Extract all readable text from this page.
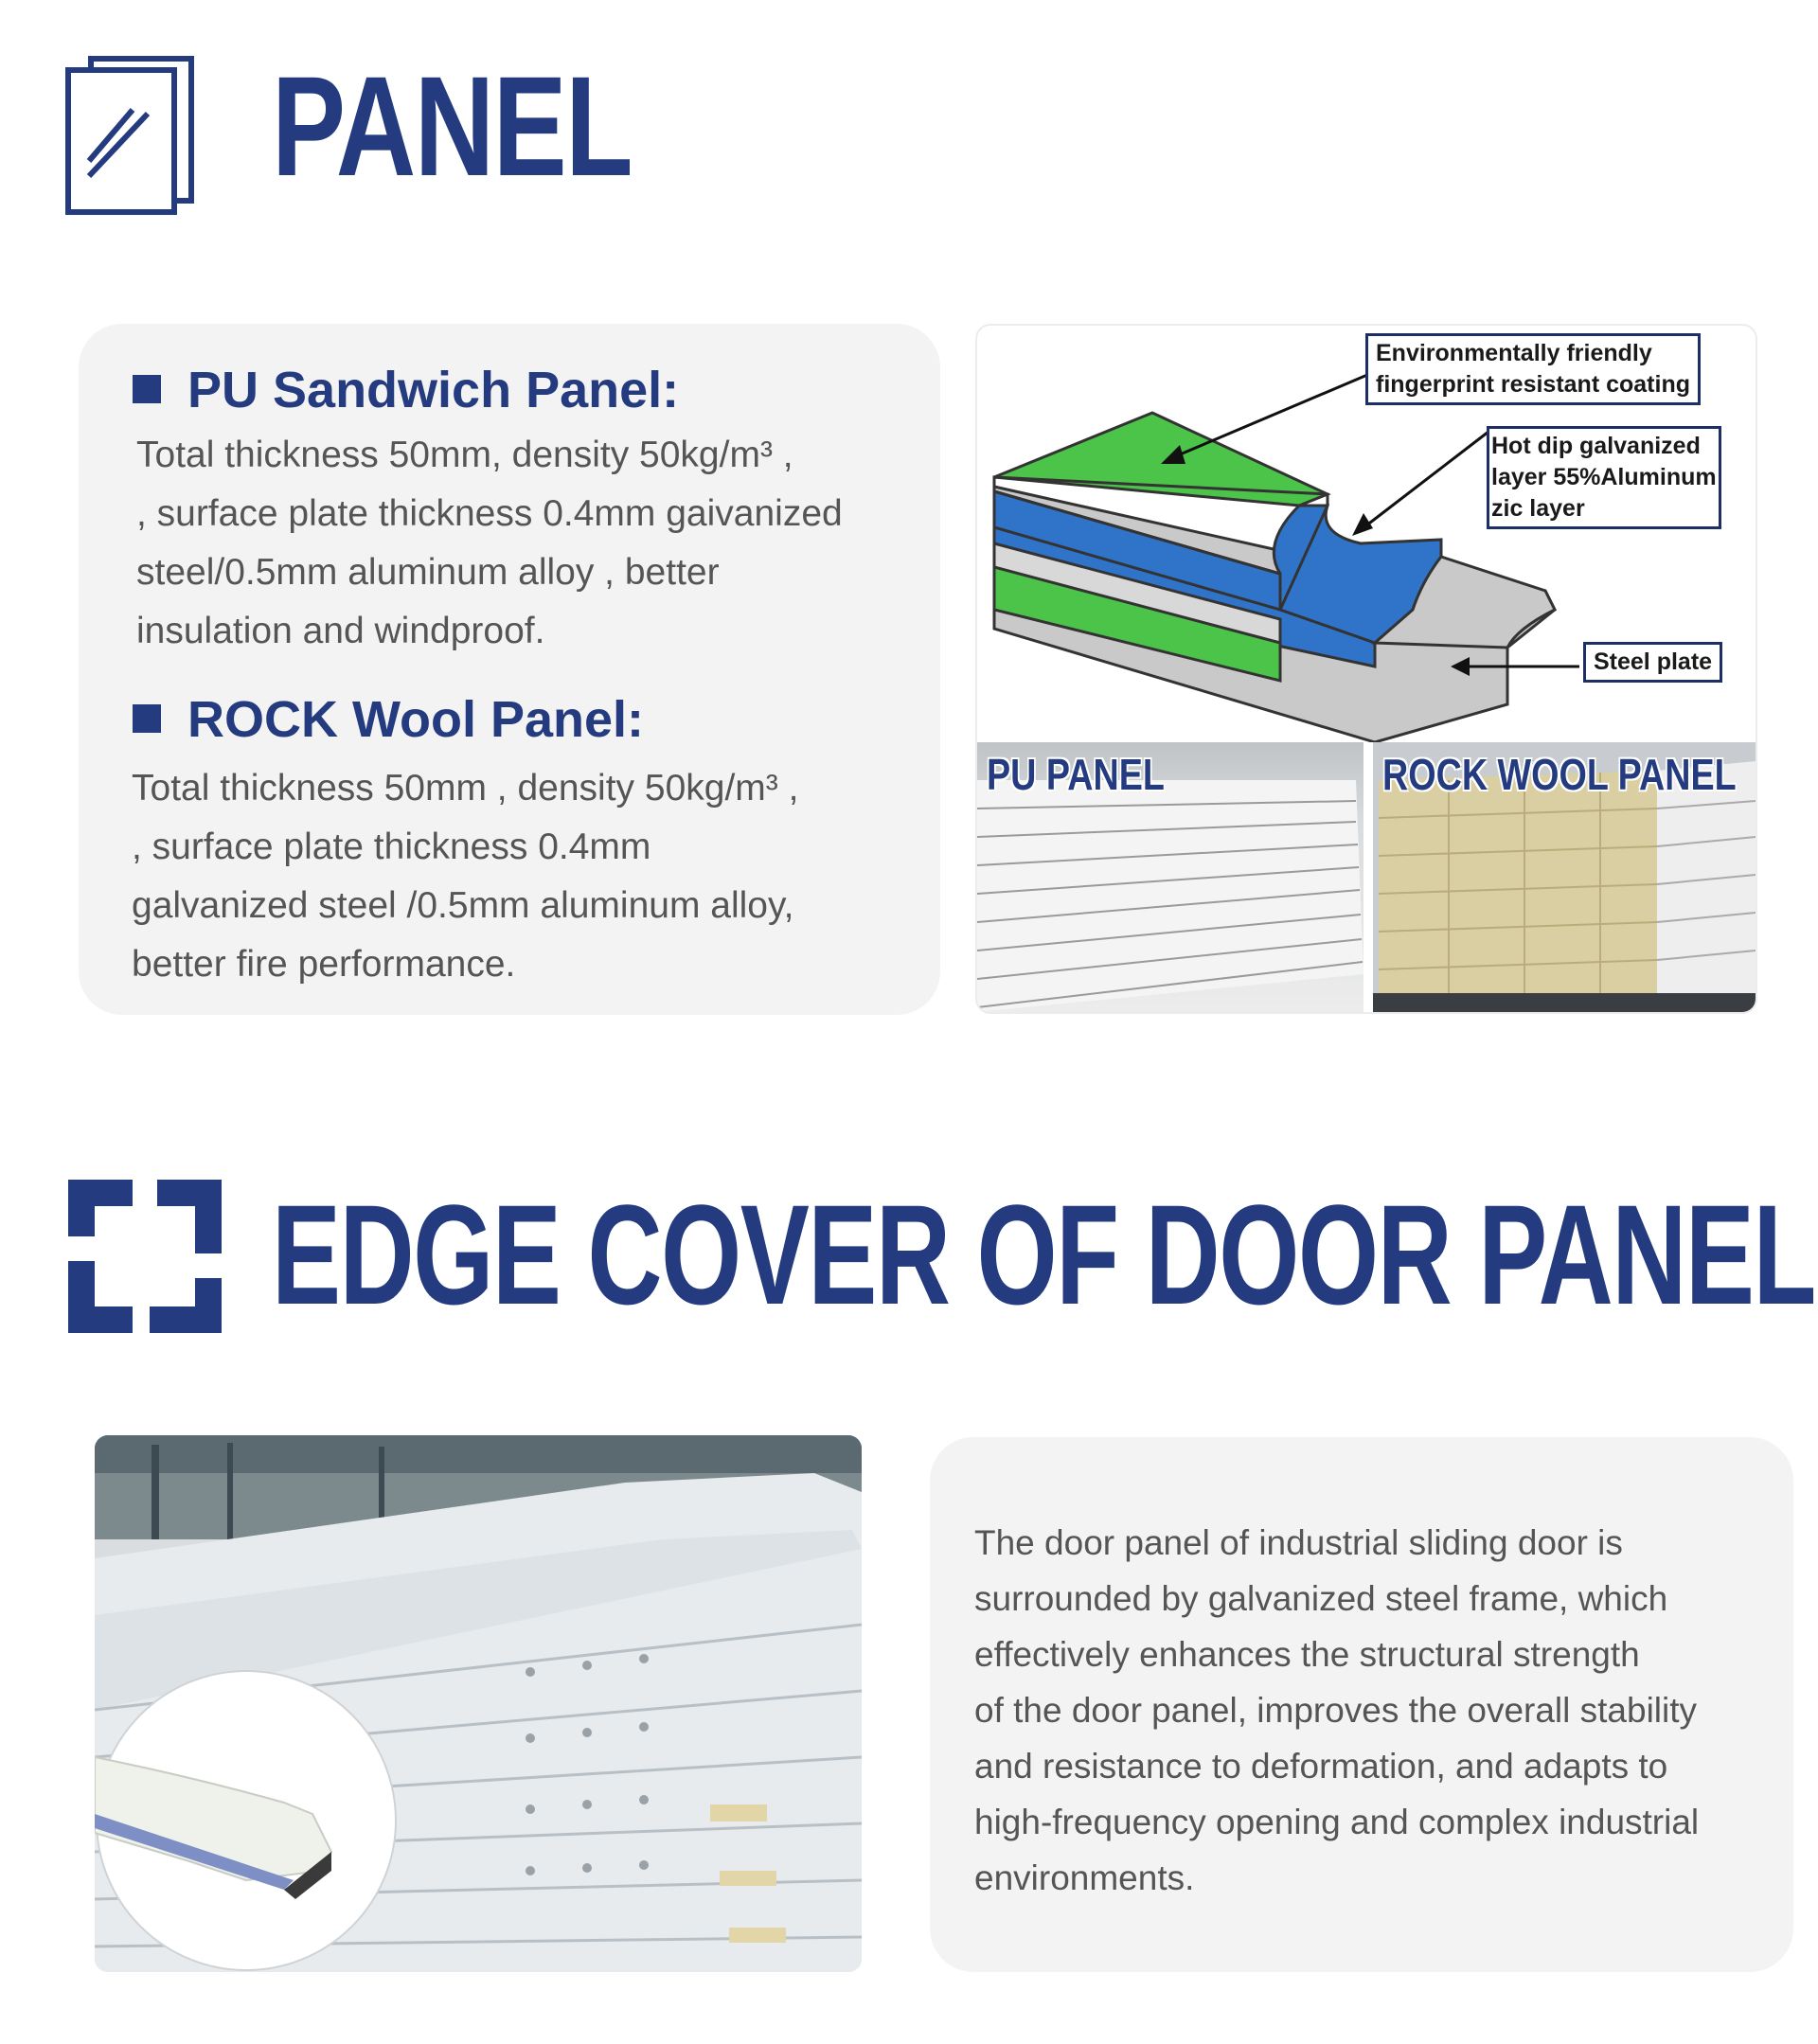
PANEL
PU Sandwich Panel:
Total thickness 50mm, density 50kg/m³ ,
, surface plate thickness 0.4mm gaivanized
steel/0.5mm aluminum alloy , better
insulation and windproof.
ROCK Wool Panel:
Total thickness 50mm , density 50kg/m³ ,
, surface plate thickness 0.4mm
galvanized steel /0.5mm aluminum alloy,
better fire performance.
Environmentally friendly
fingerprint resistant coating
Hot dip galvanized
layer 55%Aluminum
zic layer
Steel plate
PU PANEL	ROCK WOOL PANEL
EDGE COVER OF DOOR PANEL
The door panel of industrial sliding door is
surrounded by galvanized steel frame, which
effectively enhances the structural strength
of the door panel, improves the overall stability
and resistance to deformation, and adapts to
high-frequency opening and complex industrial
environments.
